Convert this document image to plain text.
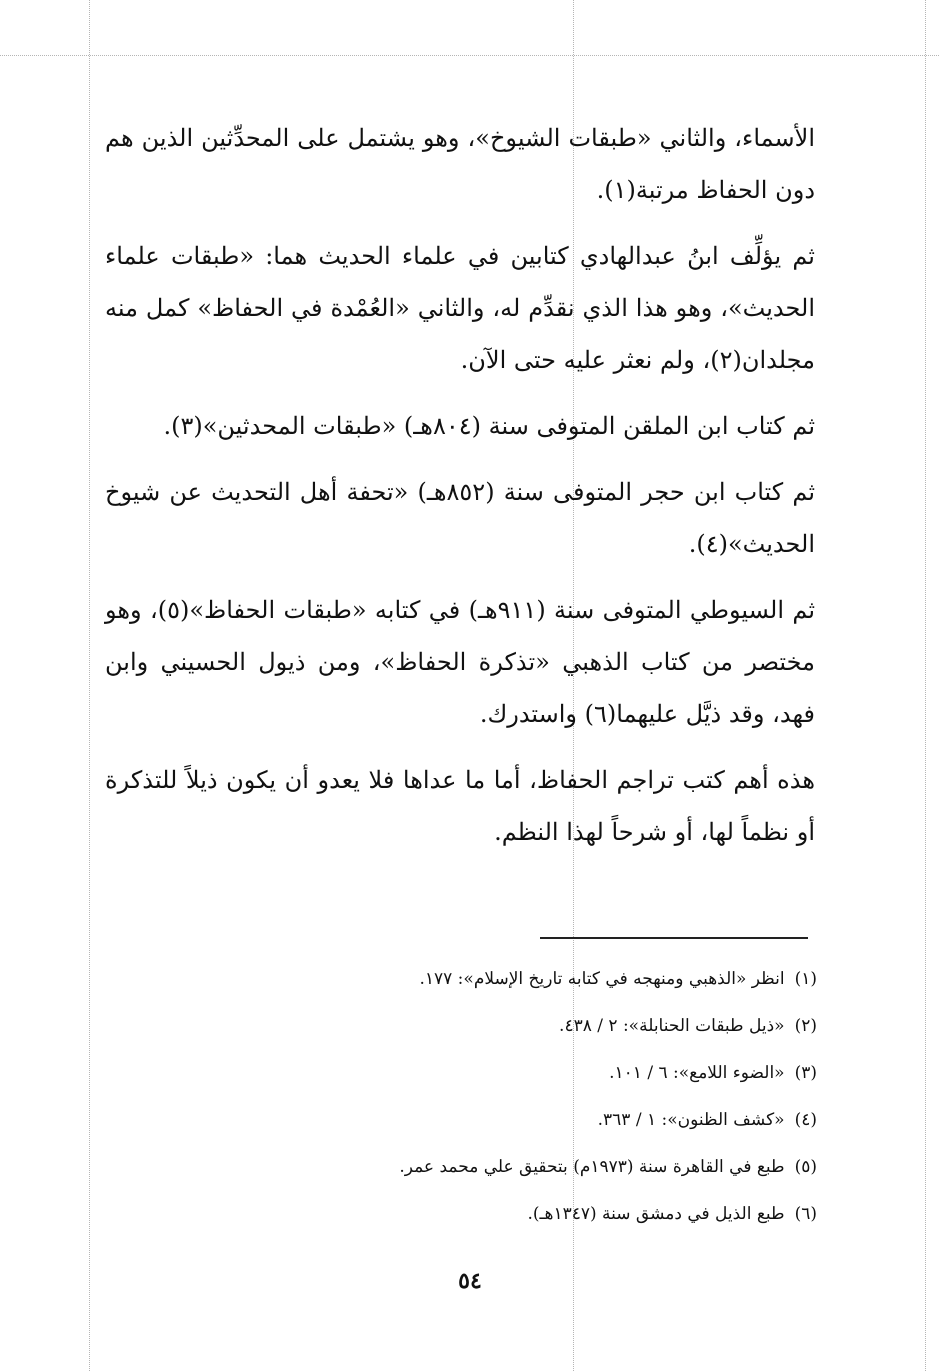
الأسماء، والثاني «طبقات الشيوخ»، وهو يشتمل على المحدِّثين الذين هم دون الحفاظ مرتبة(١).

ثم يؤلِّف ابنُ عبدالهادي كتابين في علماء الحديث هما: «طبقات علماء الحديث»، وهو هذا الذي نقدِّم له، والثاني «العُمْدة في الحفاظ» كمل منه مجلدان(٢)، ولم نعثر عليه حتى الآن.

ثم كتاب ابن الملقن المتوفى سنة (٨٠٤هـ) «طبقات المحدثين»(٣).

ثم كتاب ابن حجر المتوفى سنة (٨٥٢هـ) «تحفة أهل التحديث عن شيوخ الحديث»(٤).

ثم السيوطي المتوفى سنة (٩١١هـ) في كتابه «طبقات الحفاظ»(٥)، وهو مختصر من كتاب الذهبي «تذكرة الحفاظ»، ومن ذيول الحسيني وابن فهد، وقد ذيَّل عليهما(٦) واستدرك.

هذه أهم كتب تراجم الحفاظ، أما ما عداها فلا يعدو أن يكون ذيلاً للتذكرة أو نظماً لها، أو شرحاً لهذا النظم.

(١)
انظر «الذهبي ومنهجه في كتابه تاريخ الإسلام»: ١٧٧.
(٢)
«ذيل طبقات الحنابلة»: ٢ / ٤٣٨.
(٣)
«الضوء اللامع»: ٦ / ١٠١.
(٤)
«كشف الظنون»: ١ / ٣٦٣.
(٥)
طبع في القاهرة سنة (١٩٧٣م) بتحقيق علي محمد عمر.
(٦)
طبع الذيل في دمشق سنة (١٣٤٧هـ).
٥٤
